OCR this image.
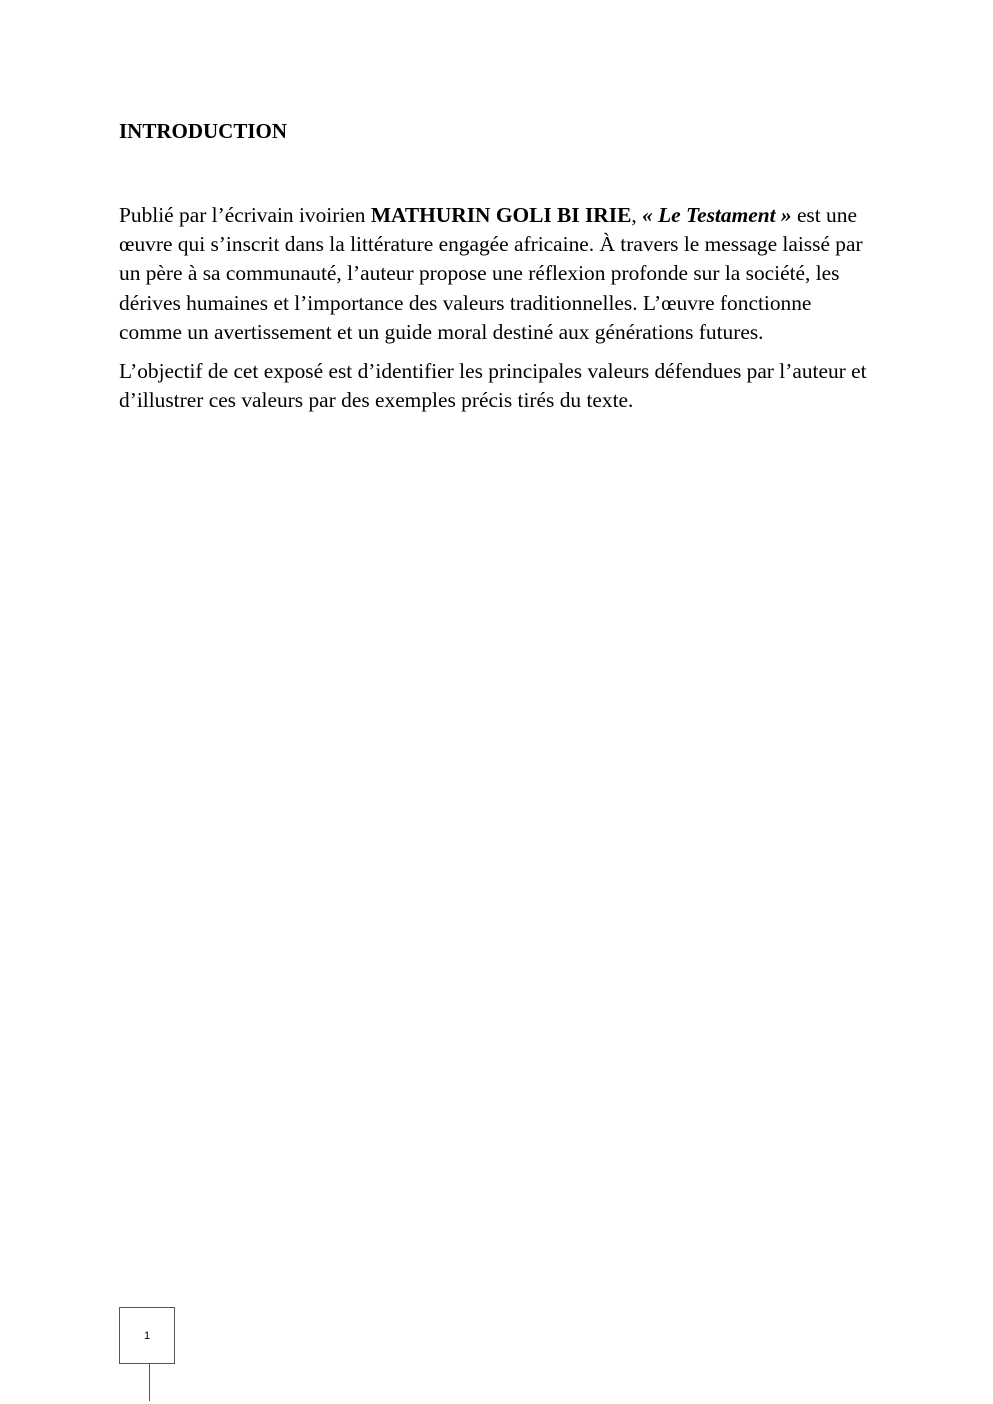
INTRODUCTION

Publié par l’écrivain ivoirien MATHURIN GOLI BI IRIE, « Le Testament » est une œuvre qui s’inscrit dans la littérature engagée africaine. À travers le message laissé par un père à sa communauté, l’auteur propose une réflexion profonde sur la société, les dérives humaines et l’importance des valeurs traditionnelles. L’œuvre fonctionne comme un avertissement et un guide moral destiné aux générations futures.

L’objectif de cet exposé est d’identifier les principales valeurs défendues par l’auteur et d’illustrer ces valeurs par des exemples précis tirés du texte.

1
